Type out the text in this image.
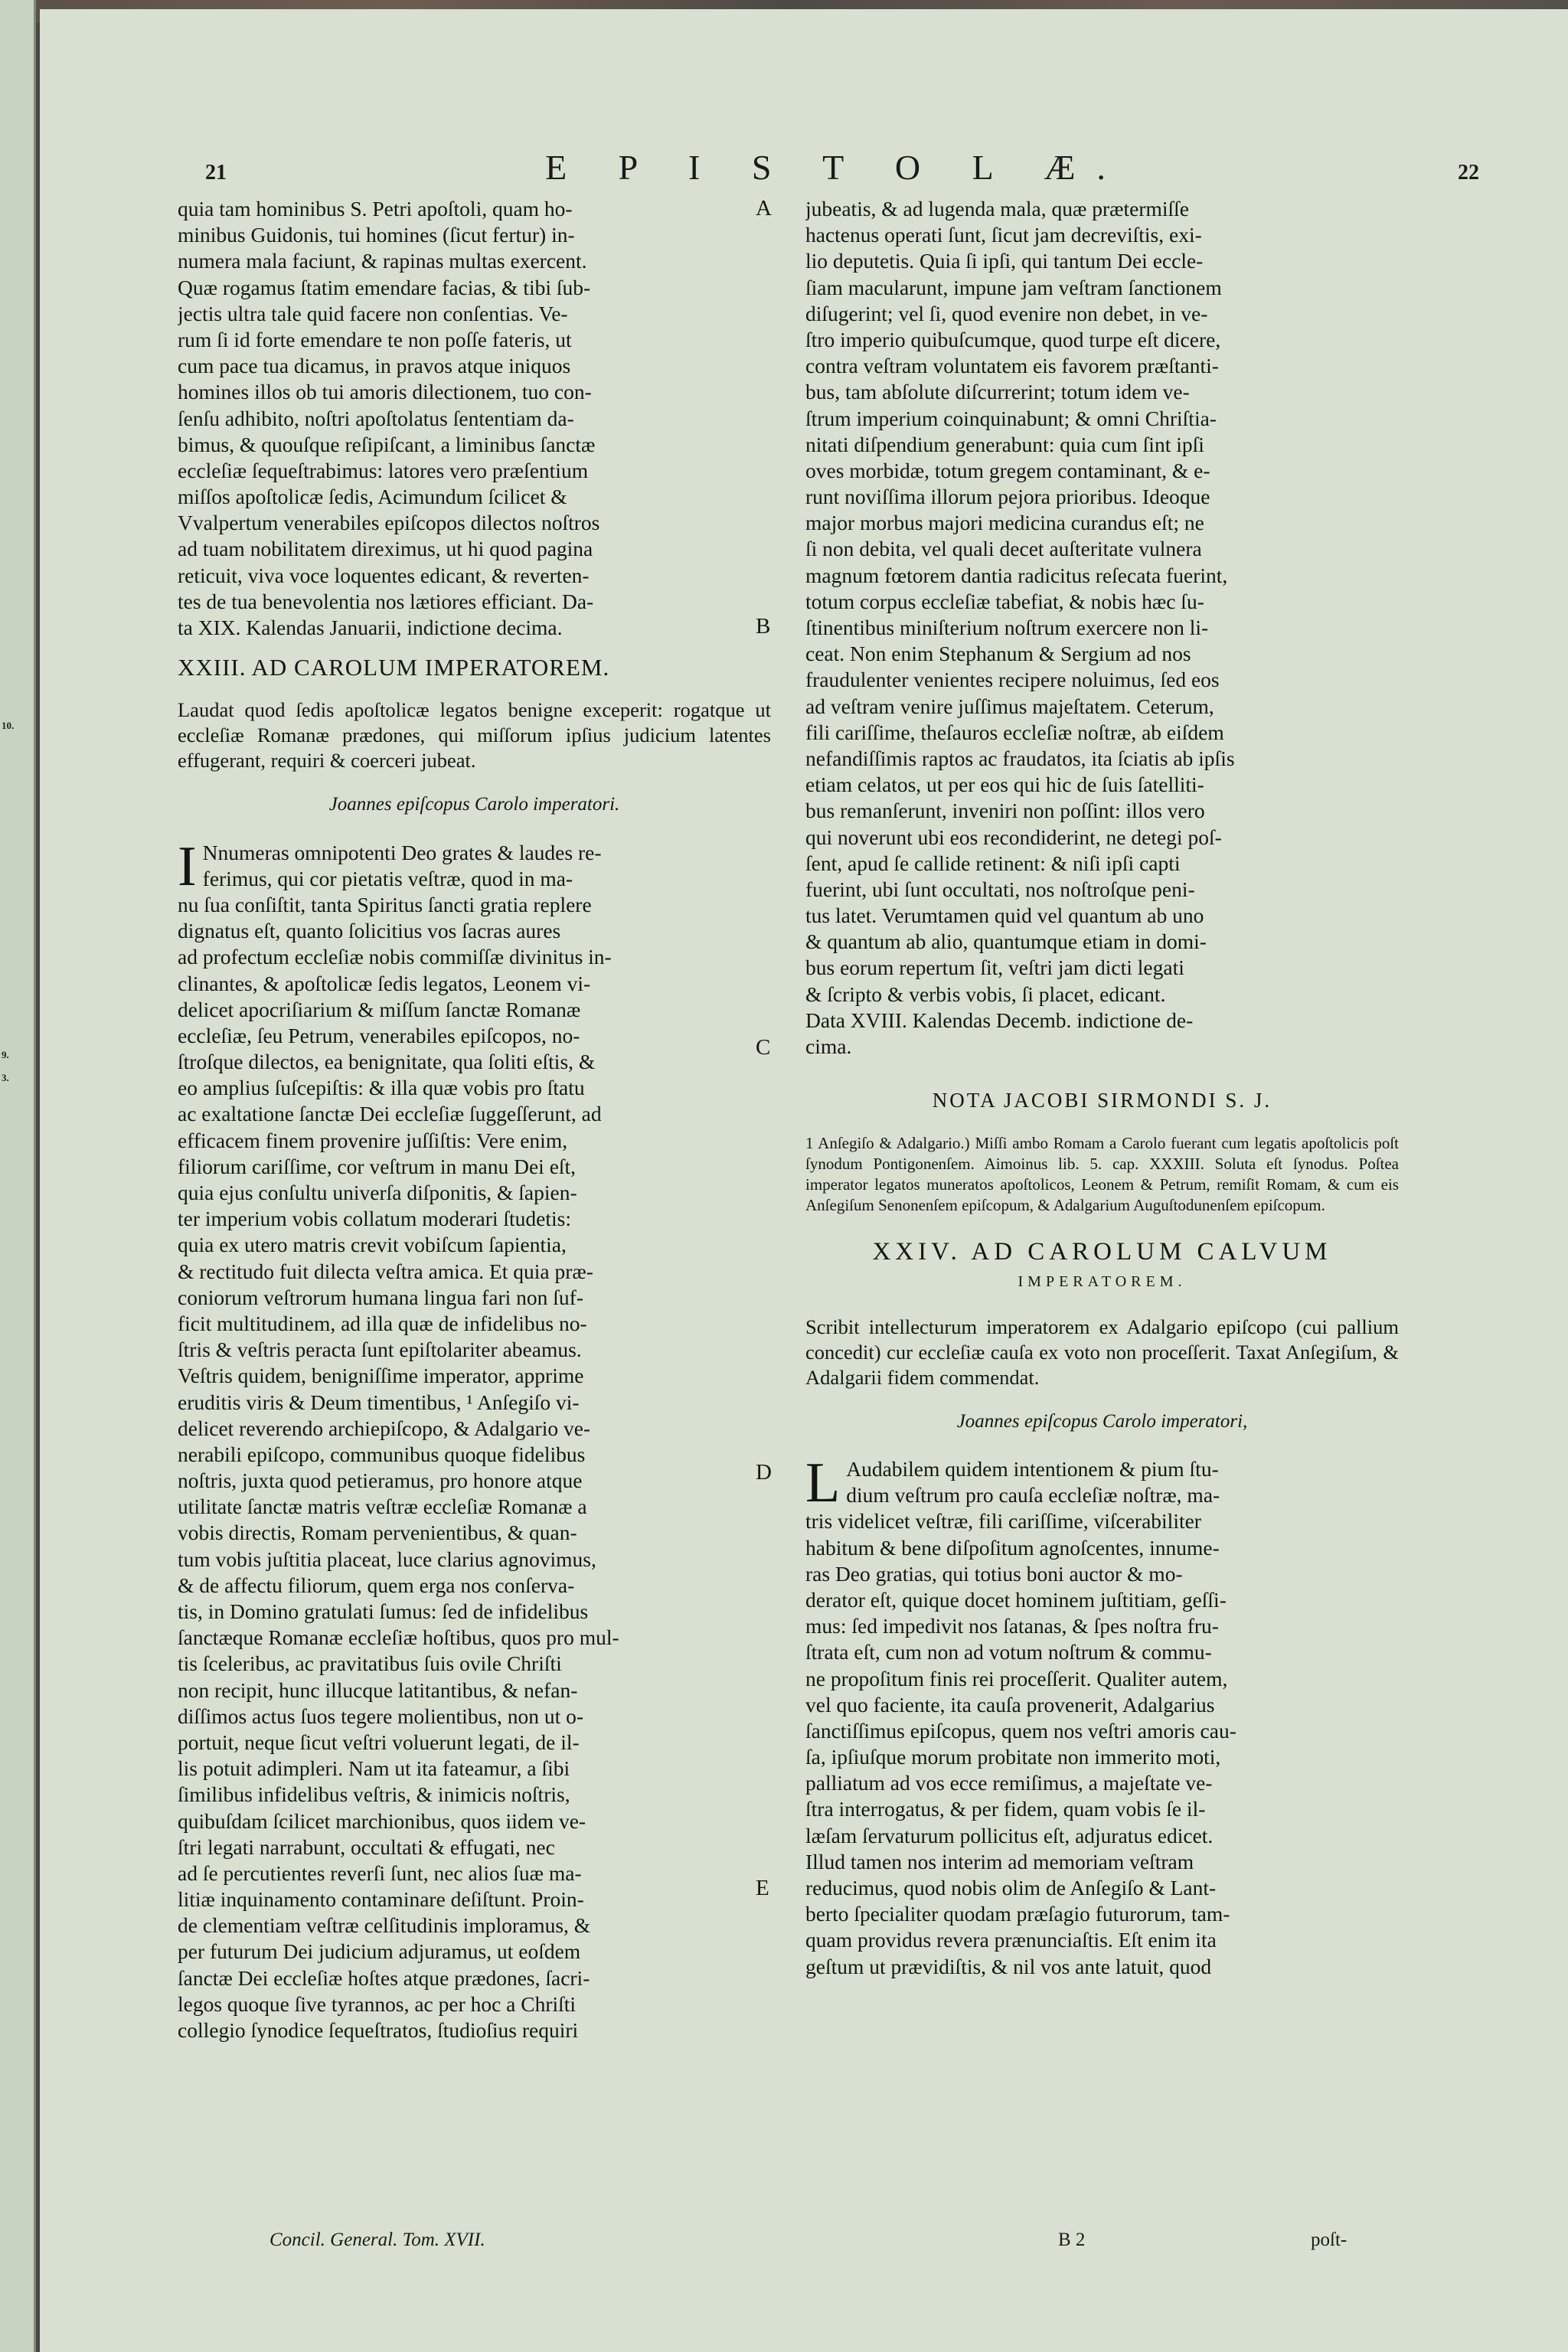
10.
9.
3.
21	E P I S T O L Æ.	22
quia tam hominibus S. Petri apoſtoli, quam ho-
minibus Guidonis, tui homines (ſicut fertur) in-
numera mala faciunt, & rapinas multas exercent.
Quæ rogamus ſtatim emendare facias, & tibi ſub-
jectis ultra tale quid facere non conſentias. Ve-
rum ſi id forte emendare te non poſſe fateris, ut
cum pace tua dicamus, in pravos atque iniquos
homines illos ob tui amoris dilectionem, tuo con-
ſenſu adhibito, noſtri apoſtolatus ſententiam da-
bimus, & quouſque reſipiſcant, a liminibus ſanctæ
eccleſiæ ſequeſtrabimus: latores vero præſentium
miſſos apoſtolicæ ſedis, Acimundum ſcilicet &
Vvalpertum venerabiles epiſcopos dilectos noſtros
ad tuam nobilitatem direximus, ut hi quod pagina
reticuit, viva voce loquentes edicant, & reverten-
tes de tua benevolentia nos lætiores efficiant. Da-
ta XIX. Kalendas Januarii, indictione decima.
XXIII. AD CAROLUM IMPERATOREM.

Laudat quod ſedis apoſtolicæ legatos benigne exceperit: rogatque ut eccleſiæ Romanæ prædones, qui miſſorum ipſius judicium latentes effugerant, requiri & coerceri jubeat.

Joannes epiſcopus Carolo imperatori.
I Nnumeras omnipotenti Deo grates & laudes re-
ferimus, qui cor pietatis veſtræ, quod in ma-
nu ſua conſiſtit, tanta Spiritus ſancti gratia replere
dignatus eſt, quanto ſolicitius vos ſacras aures
ad profectum eccleſiæ nobis commiſſæ divinitus in-
clinantes, & apoſtolicæ ſedis legatos, Leonem vi-
delicet apocriſiarium & miſſum ſanctæ Romanæ
eccleſiæ, ſeu Petrum, venerabiles epiſcopos, no-
ſtroſque dilectos, ea benignitate, qua ſoliti eſtis, &
eo amplius ſuſcepiſtis: & illa quæ vobis pro ſtatu
ac exaltatione ſanctæ Dei eccleſiæ ſuggeſſerunt, ad
efficacem finem provenire juſſiſtis: Vere enim,
filiorum cariſſime, cor veſtrum in manu Dei eſt,
quia ejus conſultu univerſa diſponitis, & ſapien-
ter imperium vobis collatum moderari ſtudetis:
quia ex utero matris crevit vobiſcum ſapientia,
& rectitudo fuit dilecta veſtra amica. Et quia præ-
coniorum veſtrorum humana lingua fari non ſuf-
ficit multitudinem, ad illa quæ de infidelibus no-
ſtris & veſtris peracta ſunt epiſtolariter abeamus.
Veſtris quidem, benigniſſime imperator, apprime
eruditis viris & Deum timentibus, ¹ Anſegiſo vi-
delicet reverendo archiepiſcopo, & Adalgario ve-
nerabili epiſcopo, communibus quoque fidelibus
noſtris, juxta quod petieramus, pro honore atque
utilitate ſanctæ matris veſtræ eccleſiæ Romanæ a
vobis directis, Romam pervenientibus, & quan-
tum vobis juſtitia placeat, luce clarius agnovimus,
& de affectu filiorum, quem erga nos conſerva-
tis, in Domino gratulati ſumus: ſed de infidelibus
ſanctæque Romanæ eccleſiæ hoſtibus, quos pro mul-
tis ſceleribus, ac pravitatibus ſuis ovile Chriſti
non recipit, hunc illucque latitantibus, & nefan-
diſſimos actus ſuos tegere molientibus, non ut o-
portuit, neque ſicut veſtri voluerunt legati, de il-
lis potuit adimpleri. Nam ut ita fateamur, a ſibi
ſimilibus infidelibus veſtris, & inimicis noſtris,
quibuſdam ſcilicet marchionibus, quos iidem ve-
ſtri legati narrabunt, occultati & effugati, nec
ad ſe percutientes reverſi ſunt, nec alios ſuæ ma-
litiæ inquinamento contaminare deſiſtunt. Proin-
de clementiam veſtræ celſitudinis imploramus, &
per futurum Dei judicium adjuramus, ut eoſdem
ſanctæ Dei eccleſiæ hoſtes atque prædones, ſacri-
legos quoque ſive tyrannos, ac per hoc a Chriſti
collegio ſynodice ſequeſtratos, ſtudioſius requiri
jubeatis, & ad lugenda mala, quæ prætermiſſe
hactenus operati ſunt, ſicut jam decreviſtis, exi-
lio deputetis. Quia ſi ipſi, qui tantum Dei eccle-
ſiam macularunt, impune jam veſtram ſanctionem
diſugerint; vel ſi, quod evenire non debet, in ve-
ſtro imperio quibuſcumque, quod turpe eſt dicere,
contra veſtram voluntatem eis favorem præſtanti-
bus, tam abſolute diſcurrerint; totum idem ve-
ſtrum imperium coinquinabunt; & omni Chriſtia-
nitati diſpendium generabunt: quia cum ſint ipſi
oves morbidæ, totum gregem contaminant, & e-
runt noviſſima illorum pejora prioribus. Ideoque
major morbus majori medicina curandus eſt; ne
ſi non debita, vel quali decet auſteritate vulnera
magnum fœtorem dantia radicitus reſecata fuerint,
totum corpus eccleſiæ tabefiat, & nobis hæc ſu-
ſtinentibus miniſterium noſtrum exercere non li-
ceat. Non enim Stephanum & Sergium ad nos
fraudulenter venientes recipere noluimus, ſed eos
ad veſtram venire juſſimus majeſtatem. Ceterum,
fili cariſſime, theſauros eccleſiæ noſtræ, ab eiſdem
nefandiſſimis raptos ac fraudatos, ita ſciatis ab ipſis
etiam celatos, ut per eos qui hic de ſuis ſatelliti-
bus remanſerunt, inveniri non poſſint: illos vero
qui noverunt ubi eos recondiderint, ne detegi poſ-
ſent, apud ſe callide retinent: & niſi ipſi capti
fuerint, ubi ſunt occultati, nos noſtroſque peni-
tus latet. Verumtamen quid vel quantum ab uno
& quantum ab alio, quantumque etiam in domi-
bus eorum repertum ſit, veſtri jam dicti legati
& ſcripto & verbis vobis, ſi placet, edicant.
Data XVIII. Kalendas Decemb. indictione de-
cima.
NOTA JACOBI SIRMONDI S. J.

1 Anſegiſo & Adalgario.) Miſſi ambo Romam a Carolo fuerant cum legatis apoſtolicis poſt ſynodum Pontigonenſem. Aimoinus lib. 5. cap. XXXIII. Soluta eſt ſynodus. Poſtea imperator legatos muneratos apoſtolicos, Leonem & Petrum, remiſit Romam, & cum eis Anſegiſum Senonenſem epiſcopum, & Adalgarium Auguſtodunenſem epiſcopum.

XXIV. AD CAROLUM CALVUM
IMPERATOREM.

Scribit intellecturum imperatorem ex Adalgario epiſcopo (cui pallium concedit) cur eccleſiæ cauſa ex voto non proceſſerit. Taxat Anſegiſum, & Adalgarii fidem commendat.

Joannes epiſcopus Carolo imperatori,
L Audabilem quidem intentionem & pium ſtu-
dium veſtrum pro cauſa eccleſiæ noſtræ, ma-
tris videlicet veſtræ, fili cariſſime, viſcerabiliter
habitum & bene diſpoſitum agnoſcentes, innume-
ras Deo gratias, qui totius boni auctor & mo-
derator eſt, quique docet hominem juſtitiam, geſſi-
mus: ſed impedivit nos ſatanas, & ſpes noſtra fru-
ſtrata eſt, cum non ad votum noſtrum & commu-
ne propoſitum finis rei proceſſerit. Qualiter autem,
vel quo faciente, ita cauſa provenerit, Adalgarius
ſanctiſſimus epiſcopus, quem nos veſtri amoris cau-
ſa, ipſiuſque morum probitate non immerito moti,
palliatum ad vos ecce remiſimus, a majeſtate ve-
ſtra interrogatus, & per fidem, quam vobis ſe il-
læſam ſervaturum pollicitus eſt, adjuratus edicet.
Illud tamen nos interim ad memoriam veſtram
reducimus, quod nobis olim de Anſegiſo & Lant-
berto ſpecialiter quodam præſagio futurorum, tam-
quam providus revera prænunciaſtis. Eſt enim ita
geſtum ut prævidiſtis, & nil vos ante latuit, quod
A
B
C
D
E
Concil. General. Tom. XVII.	B 2	poſt-
